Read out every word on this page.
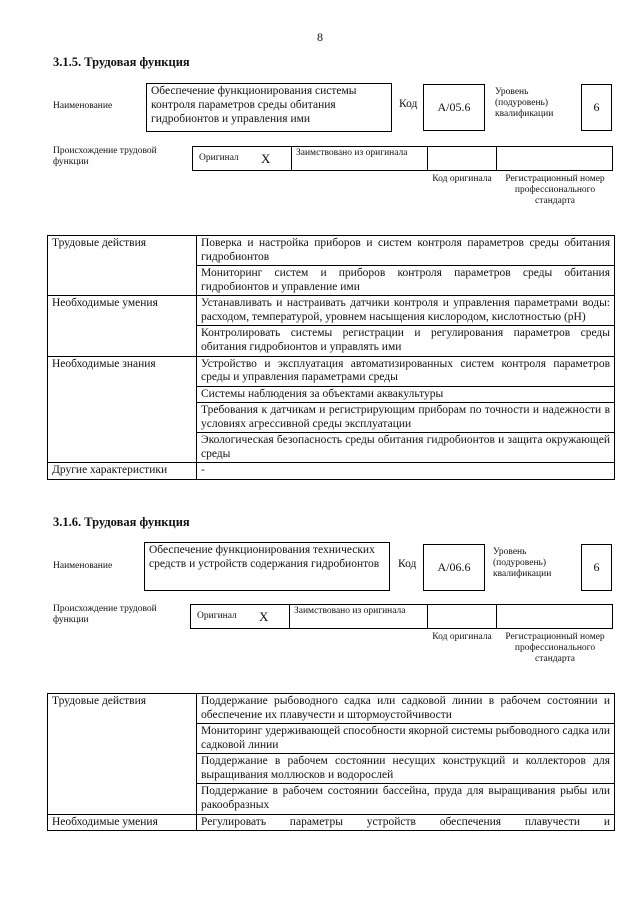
8
3.1.5. Трудовая функция
Наименование
Обеспечение функционирования системы контроля параметров среды обитания гидробионтов и управления ими
Код А/05.6
Уровень (подуровень) квалификации	6
Происхождение трудовой функции	Оригинал X	Заимствовано из оригинала
Код оригинала	Регистрационный номер профессионального стандарта
Трудовые действия	Поверка и настройка приборов и систем контроля параметров среды обитания гидробионтов
	Мониторинг систем и приборов контроля параметров среды обитания гидробионтов и управление ими
Необходимые умения	Устанавливать и настраивать датчики контроля и управления параметрами воды: расходом, температурой, уровнем насыщения кислородом, кислотностью (pH)
	Контролировать системы регистрации и регулирования параметров среды обитания гидробионтов и управлять ими
Необходимые знания	Устройство и эксплуатация автоматизированных систем контроля параметров среды и управления параметрами среды
	Системы наблюдения за объектами аквакультуры
	Требования к датчикам и регистрирующим приборам по точности и надежности в условиях агрессивной среды эксплуатации
	Экологическая безопасность среды обитания гидробионтов и защита окружающей среды
Другие характеристики	-
3.1.6. Трудовая функция
Наименование
Обеспечение функционирования технических средств и устройств содержания гидробионтов	Код А/06.6
Уровень (подуровень) квалификации	6
Происхождение трудовой функции	Оригинал X	Заимствовано из оригинала
Код оригинала	Регистрационный номер профессионального стандарта
Трудовые действия	Поддержание рыбоводного садка или садковой линии в рабочем состоянии и обеспечение их плавучести и штормоустойчивости
	Мониторинг удерживающей способности якорной системы рыбоводного садка или садковой линии
	Поддержание в рабочем состоянии несущих конструкций и коллекторов для выращивания моллюсков и водорослей
	Поддержание в рабочем состоянии бассейна, пруда для выращивания рыбы или ракообразных
Необходимые умения	Регулировать параметры устройств обеспечения плавучести и
